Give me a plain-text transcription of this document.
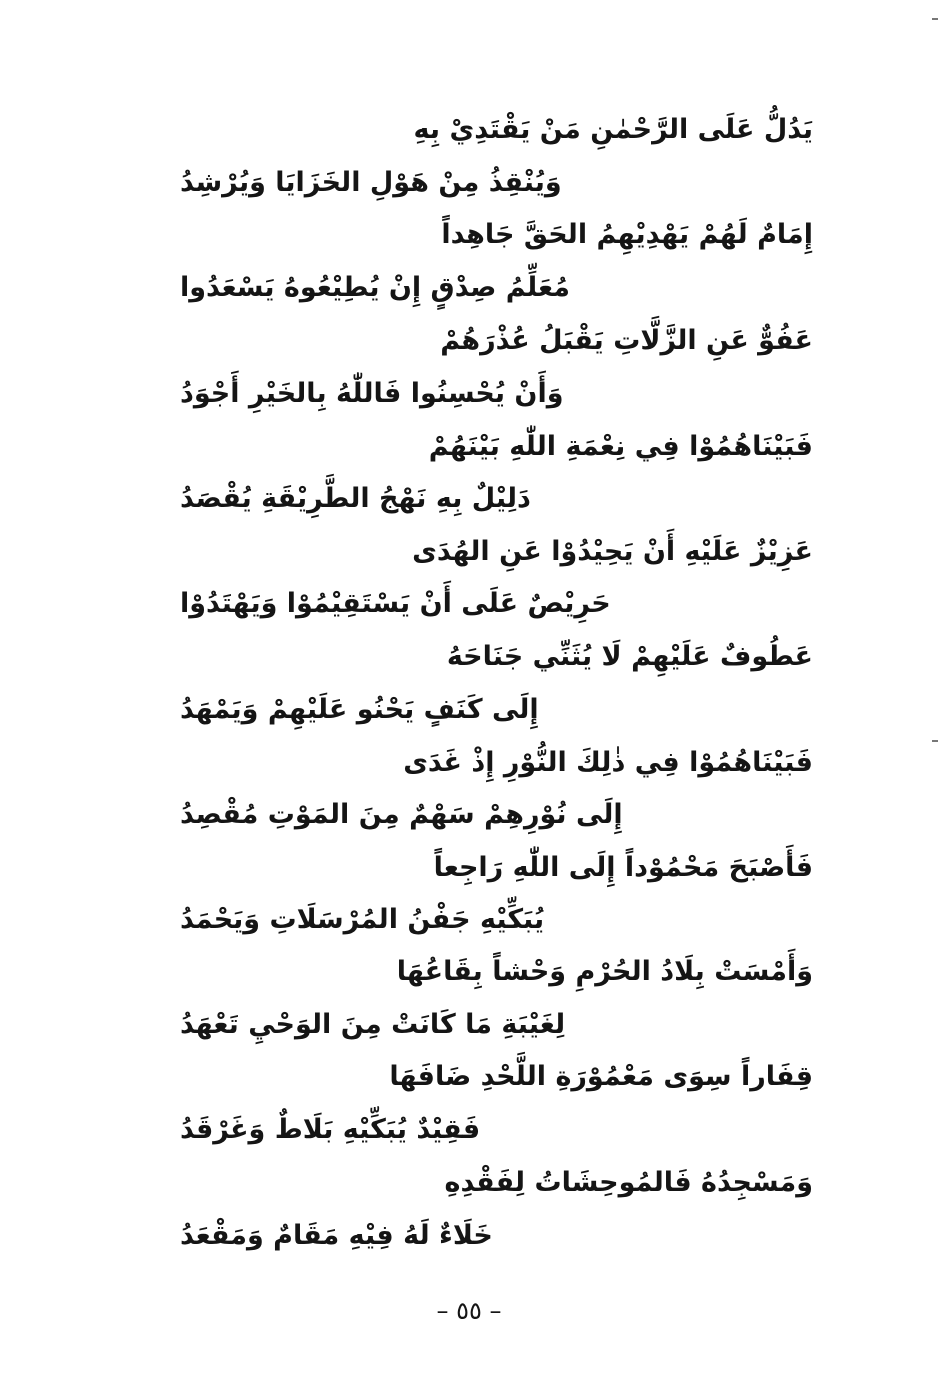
يَدُلُّ عَلَى الرَّحْمٰنِ مَنْ يَقْتَدِيْ بِهِ
وَيُنْقِذُ مِنْ هَوْلِ الخَزَايَا وَيُرْشِدُ
إِمَامٌ لَهُمْ يَهْدِيْهِمُ الحَقَّ جَاهِداً
مُعَلِّمُ صِدْقٍ إِنْ يُطِيْعُوهُ يَسْعَدُوا
عَفُوٌّ عَنِ الزَّلَّاتِ يَقْبَلُ عُذْرَهُمْ
وَأَنْ يُحْسِنُوا فَاللّٰهُ بِالخَيْرِ أَجْوَدُ
فَبَيْنَاهُمُوْا فِي نِعْمَةِ اللّٰهِ بَيْنَهُمْ
دَلِيْلٌ بِهِ نَهْجُ الطَّرِيْقَةِ يُقْصَدُ
عَزِيْزٌ عَلَيْهِ أَنْ يَحِيْدُوْا عَنِ الهُدَى
حَرِيْصٌ عَلَى أَنْ يَسْتَقِيْمُوْا وَيَهْتَدُوْا
عَطُوفٌ عَلَيْهِمْ لَا يُثَنِّي جَنَاحَهُ
إِلَى كَنَفٍ يَحْنُو عَلَيْهِمْ وَيَمْهَدُ
فَبَيْنَاهُمُوْا فِي ذٰلِكَ النُّوْرِ إِذْ غَدَى
إِلَى نُوْرِهِمْ سَهْمٌ مِنَ المَوْتِ مُقْصِدُ
فَأَصْبَحَ مَحْمُوْداً إِلَى اللّٰهِ رَاجِعاً
يُبَكِّيْهِ جَفْنُ المُرْسَلَاتِ وَيَحْمَدُ
وَأَمْسَتْ بِلَادُ الحُرْمِ وَحْشاً بِقَاعُهَا
لِغَيْبَةِ مَا كَانَتْ مِنَ الوَحْيِ تَعْهَدُ
قِفَاراً سِوَى مَعْمُوْرَةِ اللَّحْدِ ضَافَهَا
فَقِيْدٌ يُبَكِّيْهِ بَلَاطٌ وَغَرْقَدُ
وَمَسْجِدُهُ فَالمُوحِشَاتُ لِفَقْدِهِ
خَلَاءٌ لَهُ فِيْهِ مَقَامٌ وَمَقْعَدُ
– ٥٥ –
